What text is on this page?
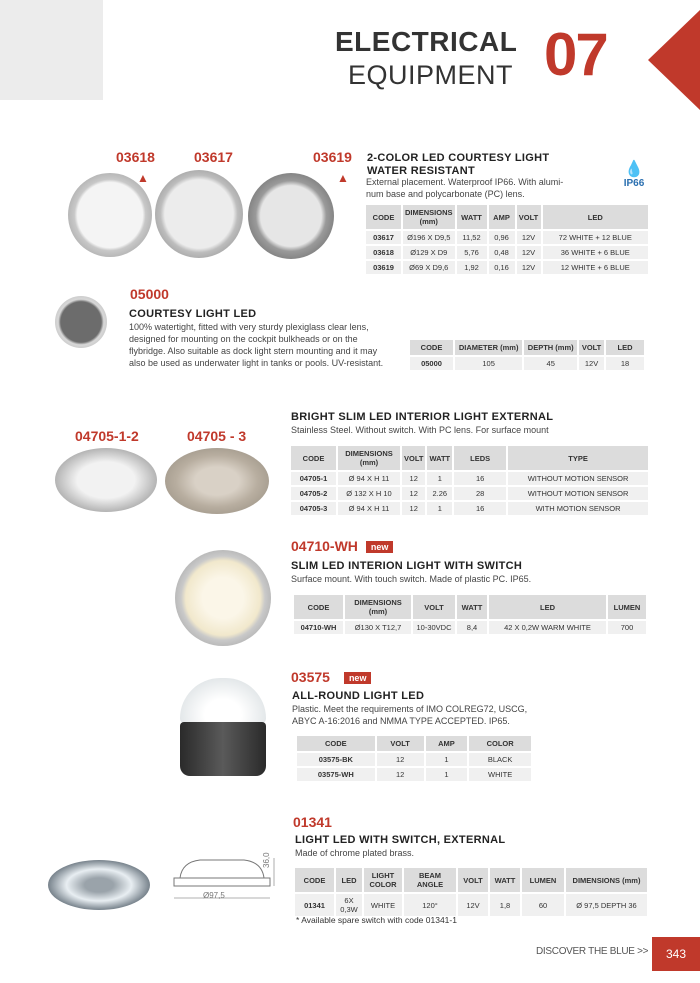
ELECTRICAL
EQUIPMENT 07
03618	03617	03619
▲	▲
2-COLOR LED COURTESY LIGHT
WATER RESISTANT
External placement. Waterproof IP66. With alumi-
num base and polycarbonate (PC) lens.
💧
IP66
CODE	DIMENSIONS (mm)	WATT	AMP	VOLT	LED
03617	Ø196 X D9,5	11,52	0,96	12V	72 WHITE + 12 BLUE
03618	Ø129 X D9	5,76	0,48	12V	36 WHITE + 6 BLUE
03619	Ø69 X D9,6	1,92	0,16	12V	12 WHITE + 6 BLUE
05000
COURTESY LIGHT LED
100% watertight, fitted with very sturdy plexiglass clear lens,
designed for mounting on the cockpit bulkheads or on the
flybridge. Also suitable as dock light stern mounting and it may
also be used as underwater light in tanks or pools. UV-resistant.
CODE	DIAMETER (mm)	DEPTH (mm)	VOLT	LED
05000	105	45	12V	18
04705-1-2	04705 - 3
BRIGHT SLIM LED INTERIOR LIGHT EXTERNAL
Stainless Steel. Without switch. With PC lens. For surface mount
CODE	DIMENSIONS (mm)	VOLT	WATT	LEDS	TYPE
04705-1	Ø 94 X H 11	12	1	16	WITHOUT MOTION SENSOR
04705-2	Ø 132 X H 10	12	2.26	28	WITHOUT MOTION SENSOR
04705-3	Ø 94 X H 11	12	1	16	WITH MOTION SENSOR
04710-WH new
SLIM LED INTERION LIGHT WITH SWITCH
Surface mount. With touch switch. Made of plastic PC. IP65.
CODE	DIMENSIONS (mm)	VOLT	WATT	LED	LUMEN
04710-WH	Ø130 X T12,7	10-30VDC	8,4	42 X 0,2W WARM WHITE	700
03575 new
ALL-ROUND LIGHT LED
Plastic. Meet the requirements of IMO COLREG72, USCG,
ABYC A-16:2016 and NMMA TYPE ACCEPTED. IP65.
CODE	VOLT	AMP	COLOR
03575-BK	12	1	BLACK
03575-WH	12	1	WHITE
01341
Ø97,5
36,0
LIGHT LED WITH SWITCH, EXTERNAL
Made of chrome plated brass.
CODE	LED	LIGHT COLOR	BEAM ANGLE	VOLT	WATT	LUMEN	DIMENSIONS (mm)
01341	6X 0,3W	WHITE	120°	12V	1,8	60	Ø 97,5 DEPTH 36
* Available spare switch with code 01341-1
DISCOVER THE BLUE >>	343
